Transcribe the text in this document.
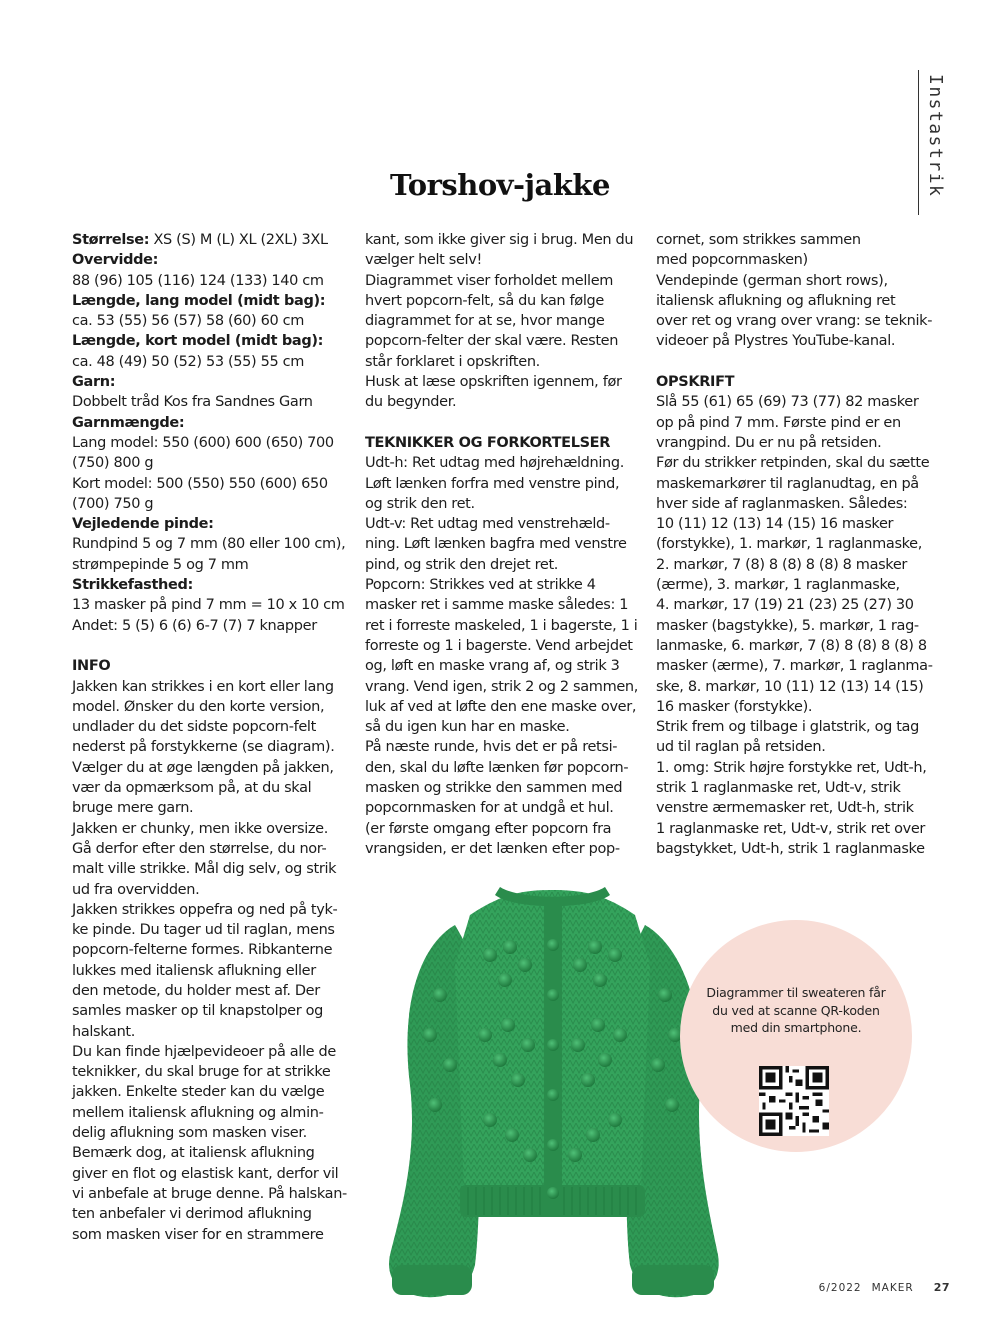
Instastrik
Torshov-jakke
Størrelse: XS (S) M (L) XL (2XL) 3XL
Overvidde:
88 (96) 105 (116) 124 (133) 140 cm
Længde, lang model (midt bag):
ca. 53 (55) 56 (57) 58 (60) 60 cm
Længde, kort model (midt bag):
ca. 48 (49) 50 (52) 53 (55) 55 cm
Garn:
Dobbelt tråd Kos fra Sandnes Garn
Garnmængde:
Lang model: 550 (600) 600 (650) 700
(750) 800 g
Kort model: 500 (550) 550 (600) 650
(700) 750 g
Vejledende pinde:
Rundpind 5 og 7 mm (80 eller 100 cm),
strømpepinde 5 og 7 mm
Strikkefasthed:
13 masker på pind 7 mm = 10 x 10 cm
Andet: 5 (5) 6 (6) 6-7 (7) 7 knapper
INFO
Jakken kan strikkes i en kort eller lang
model. Ønsker du den korte version,
undlader du det sidste popcorn-felt
nederst på forstykkerne (se diagram).
Vælger du at øge længden på jakken,
vær da opmærksom på, at du skal
bruge mere garn.
Jakken er chunky, men ikke oversize.
Gå derfor efter den størrelse, du nor-
malt ville strikke. Mål dig selv, og strik
ud fra overvidden.
Jakken strikkes oppefra og ned på tyk-
ke pinde. Du tager ud til raglan, mens
popcorn-felterne formes. Ribkanterne
lukkes med italiensk aflukning eller
den metode, du holder mest af. Der
samles masker op til knapstolper og
halskant.
Du kan finde hjælpevideoer på alle de
teknikker, du skal bruge for at strikke
jakken. Enkelte steder kan du vælge
mellem italiensk aflukning og almin-
delig aflukning som masken viser.
Bemærk dog, at italiensk aflukning
giver en flot og elastisk kant, derfor vil
vi anbefale at bruge denne. På halskan-
ten anbefaler vi derimod aflukning
som masken viser for en strammere
kant, som ikke giver sig i brug. Men du
vælger helt selv!
Diagrammet viser forholdet mellem
hvert popcorn-felt, så du kan følge
diagrammet for at se, hvor mange
popcorn-felter der skal være. Resten
står forklaret i opskriften.
Husk at læse opskriften igennem, før
du begynder.
TEKNIKKER OG FORKORTELSER
Udt-h: Ret udtag med højrehældning.
Løft lænken forfra med venstre pind,
og strik den ret.
Udt-v: Ret udtag med venstrehæld-
ning. Løft lænken bagfra med venstre
pind, og strik den drejet ret.
Popcorn: Strikkes ved at strikke 4
masker ret i samme maske således: 1
ret i forreste maskeled, 1 i bagerste, 1 i
forreste og 1 i bagerste. Vend arbejdet
og, løft en maske vrang af, og strik 3
vrang. Vend igen, strik 2 og 2 sammen,
luk af ved at løfte den ene maske over,
så du igen kun har en maske.
På næste runde, hvis det er på retsi-
den, skal du løfte lænken før popcorn-
masken og strikke den sammen med
popcornmasken for at undgå et hul.
(er første omgang efter popcorn fra
vrangsiden, er det lænken efter pop-
cornet, som strikkes sammen
med popcornmasken)
Vendepinde (german short rows),
italiensk aflukning og aflukning ret
over ret og vrang over vrang: se teknik-
videoer på Plystres YouTube-kanal.
OPSKRIFT
Slå 55 (61) 65 (69) 73 (77) 82 masker
op på pind 7 mm. Første pind er en
vrangpind. Du er nu på retsiden.
Før du strikker retpinden, skal du sætte
maskemarkører til raglanudtag, en på
hver side af raglanmasken. Således:
10 (11) 12 (13) 14 (15) 16 masker
(forstykke), 1. markør, 1 raglanmaske,
2. markør, 7 (8) 8 (8) 8 (8) 8 masker
(ærme), 3. markør, 1 raglanmaske,
4. markør, 17 (19) 21 (23) 25 (27) 30
masker (bagstykke), 5. markør, 1 rag-
lanmaske, 6. markør, 7 (8) 8 (8) 8 (8) 8
masker (ærme), 7. markør, 1 raglanma-
ske, 8. markør, 10 (11) 12 (13) 14 (15)
16 masker (forstykke).
Strik frem og tilbage i glatstrik, og tag
ud til raglan på retsiden.
1. omg: Strik højre forstykke ret, Udt-h,
strik 1 raglanmaske ret, Udt-v, strik
venstre ærmemasker ret, Udt-h, strik
1 raglanmaske ret, Udt-v, strik ret over
bagstykket, Udt-h, strik 1 raglanmaske
Diagrammer til sweateren får du ved at scanne QR-koden med din smartphone.
6/2022 MAKER 27
